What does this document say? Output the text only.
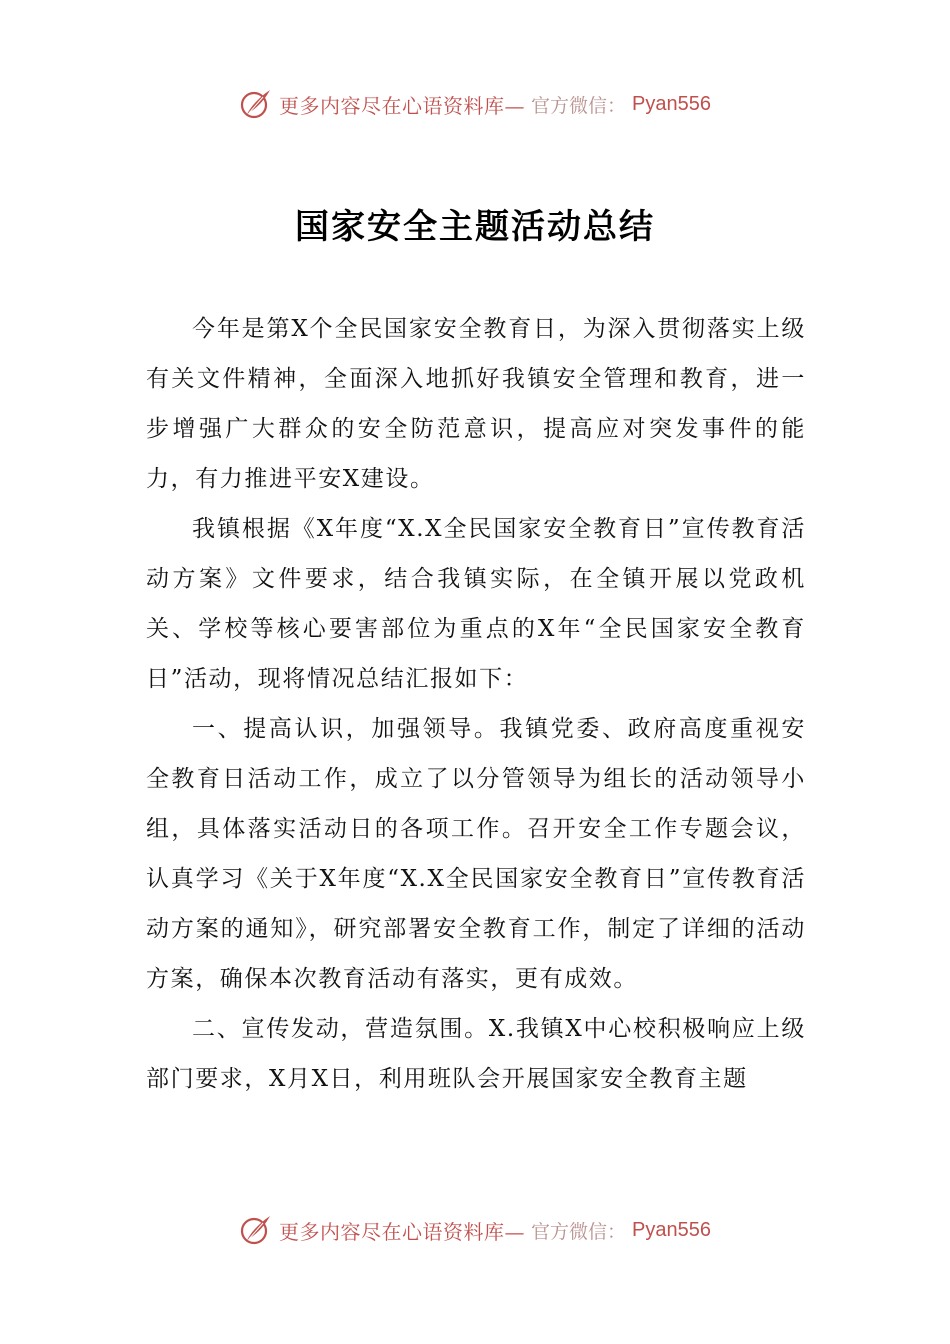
更多内容尽在心语资料库— 官方微信： Pyan556
国家安全主题活动总结

今年是第X个全民国家安全教育日，为深入贯彻落实上级有关文件精神，全面深入地抓好我镇安全管理和教育，进一步增强广大群众的安全防范意识，提高应对突发事件的能力，有力推进平安X建设。

我镇根据《X年度“X.X全民国家安全教育日”宣传教育活动方案》文件要求，结合我镇实际，在全镇开展以党政机关、学校等核心要害部位为重点的X年“全民国家安全教育日”活动，现将情况总结汇报如下：

一、提高认识，加强领导。我镇党委、政府高度重视安全教育日活动工作，成立了以分管领导为组长的活动领导小组，具体落实活动日的各项工作。召开安全工作专题会议，认真学习《关于X年度“X.X全民国家安全教育日”宣传教育活动方案的通知》，研究部署安全教育工作，制定了详细的活动方案，确保本次教育活动有落实，更有成效。

二、宣传发动，营造氛围。X.我镇X中心校积极响应上级部门要求，X月X日，利用班队会开展国家安全教育主题

更多内容尽在心语资料库— 官方微信： Pyan556
